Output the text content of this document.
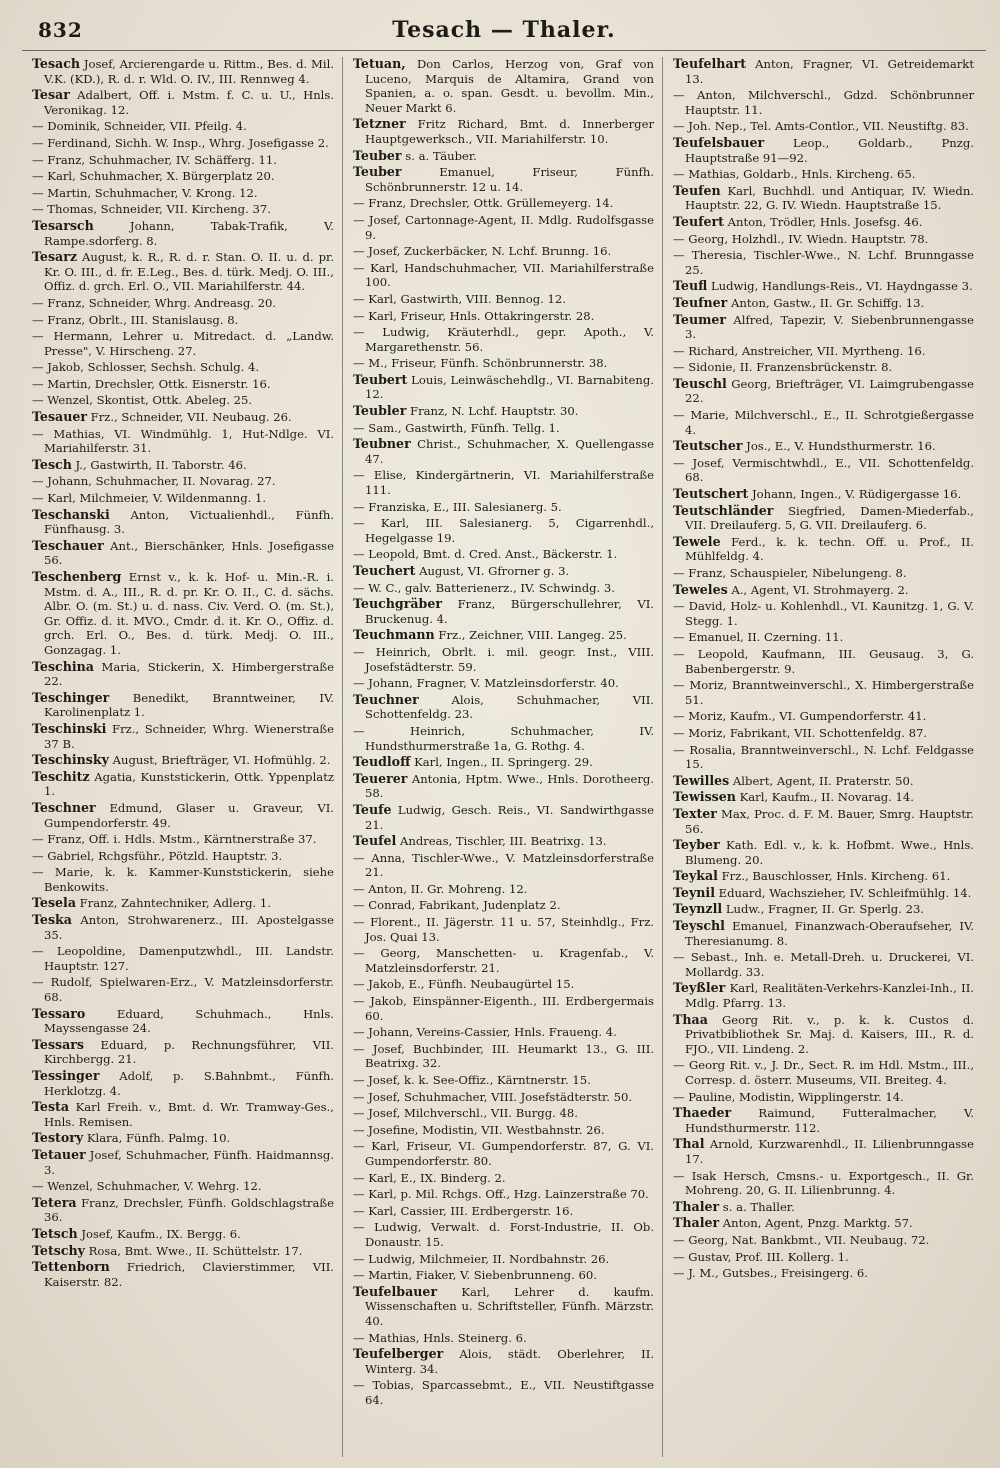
832	Tesach — Thaler.

Tesach Josef, Arcierengarde u. Rittm., Bes. d. Mil. V.K. (KD.), R. d. r. Wld. O. IV., III. Rennweg 4.

Tesar Adalbert, Off. i. Mstm. f. C. u. U., Hnls. Veronikag. 12.

— Dominik, Schneider, VII. Pfeilg. 4.

— Ferdinand, Sichh. W. Insp., Whrg. Josefigasse 2.

— Franz, Schuhmacher, IV. Schäfferg. 11.

— Karl, Schuhmacher, X. Bürgerplatz 20.

— Martin, Schuhmacher, V. Krong. 12.

— Thomas, Schneider, VII. Kircheng. 37.

Tesarsch Johann, Tabak-Trafik, V. Rampe.sdorferg. 8.

Tesarz August, k. R., R. d. r. Stan. O. II. u. d. pr. Kr. O. III., d. fr. E.Leg., Bes. d. türk. Medj. O. III., Offiz. d. grch. Erl. O., VII. Mariahilferstr. 44.

— Franz, Schneider, Whrg. Andreasg. 20.

— Franz, Obrlt., III. Stanislausg. 8.

— Hermann, Lehrer u. Mitredact. d. „Landw. Presse", V. Hirscheng. 27.

— Jakob, Schlosser, Sechsh. Schulg. 4.

— Martin, Drechsler, Ottk. Eisnerstr. 16.

— Wenzel, Skontist, Ottk. Abeleg. 25.

Tesauer Frz., Schneider, VII. Neubaug. 26.

— Mathias, VI. Windmühlg. 1, Hut-Ndlge. VI. Mariahilferstr. 31.

Tesch J., Gastwirth, II. Taborstr. 46.

— Johann, Schuhmacher, II. Novarag. 27.

— Karl, Milchmeier, V. Wildenmanng. 1.

Teschanski Anton, Victualienhdl., Fünfh. Fünfhausg. 3.

Teschauer Ant., Bierschänker, Hnls. Josefigasse 56.

Teschenberg Ernst v., k. k. Hof- u. Min.-R. i. Mstm. d. A., III., R. d. pr. Kr. O. II., C. d. sächs. Albr. O. (m. St.) u. d. nass. Civ. Verd. O. (m. St.), Gr. Offiz. d. it. MVO., Cmdr. d. it. Kr. O., Offiz. d. grch. Erl. O., Bes. d. türk. Medj. O. III., Gonzagag. 1.

Teschina Maria, Stickerin, X. Himbergerstraße 22.

Teschinger Benedikt, Branntweiner, IV. Karolinenplatz 1.

Teschinski Frz., Schneider, Whrg. Wienerstraße 37 B.

Teschinsky August, Briefträger, VI. Hofmühlg. 2.

Teschitz Agatia, Kunststickerin, Ottk. Yppenplatz 1.

Teschner Edmund, Glaser u. Graveur, VI. Gumpendorferstr. 49.

— Franz, Off. i. Hdls. Mstm., Kärntnerstraße 37.

— Gabriel, Rchgsführ., Pötzld. Hauptstr. 3.

— Marie, k. k. Kammer-Kunststickerin, siehe Benkowits.

Tesela Franz, Zahntechniker, Adlerg. 1.

Teska Anton, Strohwarenerz., III. Apostelgasse 35.

— Leopoldine, Damenputzwhdl., III. Landstr. Hauptstr. 127.

— Rudolf, Spielwaren-Erz., V. Matzleinsdorferstr. 68.

Tessaro Eduard, Schuhmach., Hnls. Mayssengasse 24.

Tessars Eduard, p. Rechnungsführer, VII. Kirchbergg. 21.

Tessinger Adolf, p. S.Bahnbmt., Fünfh. Herklotzg. 4.

Testa Karl Freih. v., Bmt. d. Wr. Tramway-Ges., Hnls. Remisen.

Testory Klara, Fünfh. Palmg. 10.

Tetauer Josef, Schuhmacher, Fünfh. Haidmannsg. 3.

— Wenzel, Schuhmacher, V. Wehrg. 12.

Tetera Franz, Drechsler, Fünfh. Goldschlagstraße 36.

Tetsch Josef, Kaufm., IX. Bergg. 6.

Tetschy Rosa, Bmt. Wwe., II. Schüttelstr. 17.

Tettenborn Friedrich, Clavierstimmer, VII. Kaiserstr. 82.

Tetuan, Don Carlos, Herzog von, Graf von Luceno, Marquis de Altamira, Grand von Spanien, a. o. span. Gesdt. u. bevollm. Min., Neuer Markt 6.

Tetzner Fritz Richard, Bmt. d. Innerberger Hauptgewerksch., VII. Mariahilferstr. 10.

Teuber s. a. Täuber.

Teuber Emanuel, Friseur, Fünfh. Schönbrunnerstr. 12 u. 14.

— Franz, Drechsler, Ottk. Grüllemeyerg. 14.

— Josef, Cartonnage-Agent, II. Mdlg. Rudolfsgasse 9.

— Josef, Zuckerbäcker, N. Lchf. Brunng. 16.

— Karl, Handschuhmacher, VII. Mariahilferstraße 100.

— Karl, Gastwirth, VIII. Bennog. 12.

— Karl, Friseur, Hnls. Ottakringerstr. 28.

— Ludwig, Kräuterhdl., gepr. Apoth., V. Margarethenstr. 56.

— M., Friseur, Fünfh. Schönbrunnerstr. 38.

Teubert Louis, Leinwäschehdlg., VI. Barnabiteng. 12.

Teubler Franz, N. Lchf. Hauptstr. 30.

— Sam., Gastwirth, Fünfh. Tellg. 1.

Teubner Christ., Schuhmacher, X. Quellengasse 47.

— Elise, Kindergärtnerin, VI. Mariahilferstraße 111.

— Franziska, E., III. Salesianerg. 5.

— Karl, III. Salesianerg. 5, Cigarrenhdl., Hegelgasse 19.

— Leopold, Bmt. d. Cred. Anst., Bäckerstr. 1.

Teuchert August, VI. Gfrorner g. 3.

— W. C., galv. Batterienerz., IV. Schwindg. 3.

Teuchgräber Franz, Bürgerschullehrer, VI. Bruckenug. 4.

Teuchmann Frz., Zeichner, VIII. Langeg. 25.

— Heinrich, Obrlt. i. mil. geogr. Inst., VIII. Josefstädterstr. 59.

— Johann, Fragner, V. Matzleinsdorferstr. 40.

Teuchner Alois, Schuhmacher, VII. Schottenfeldg. 23.

— Heinrich, Schuhmacher, IV. Hundsthurmerstraße 1a, G. Rothg. 4.

Teudloff Karl, Ingen., II. Springerg. 29.

Teuerer Antonia, Hptm. Wwe., Hnls. Dorotheerg. 58.

Teufe Ludwig, Gesch. Reis., VI. Sandwirthgasse 21.

Teufel Andreas, Tischler, III. Beatrixg. 13.

— Anna, Tischler-Wwe., V. Matzleinsdorferstraße 21.

— Anton, II. Gr. Mohreng. 12.

— Conrad, Fabrikant, Judenplatz 2.

— Florent., II. Jägerstr. 11 u. 57, Steinhdlg., Frz. Jos. Quai 13.

— Georg, Manschetten- u. Kragenfab., V. Matzleinsdorferstr. 21.

— Jakob, E., Fünfh. Neubaugürtel 15.

— Jakob, Einspänner-Eigenth., III. Erdbergermais 60.

— Johann, Vereins-Cassier, Hnls. Fraueng. 4.

— Josef, Buchbinder, III. Heumarkt 13., G. III. Beatrixg. 32.

— Josef, k. k. See-Offiz., Kärntnerstr. 15.

— Josef, Schuhmacher, VIII. Josefstädterstr. 50.

— Josef, Milchverschl., VII. Burgg. 48.

— Josefine, Modistin, VII. Westbahnstr. 26.

— Karl, Friseur, VI. Gumpendorferstr. 87, G. VI. Gumpendorferstr. 80.

— Karl, E., IX. Binderg. 2.

— Karl, p. Mil. Rchgs. Off., Hzg. Lainzerstraße 70.

— Karl, Cassier, III. Erdbergerstr. 16.

— Ludwig, Verwalt. d. Forst-Industrie, II. Ob. Donaustr. 15.

— Ludwig, Milchmeier, II. Nordbahnstr. 26.

— Martin, Fiaker, V. Siebenbrunneng. 60.

Teufelbauer Karl, Lehrer d. kaufm. Wissenschaften u. Schriftsteller, Fünfh. Märzstr. 40.

— Mathias, Hnls. Steinerg. 6.

Teufelberger Alois, städt. Oberlehrer, II. Winterg. 34.

— Tobias, Sparcassebmt., E., VII. Neustiftgasse 64.

Teufelhart Anton, Fragner, VI. Getreidemarkt 13.

— Anton, Milchverschl., Gdzd. Schönbrunner Hauptstr. 11.

— Joh. Nep., Tel. Amts-Contlor., VII. Neustiftg. 83.

Teufelsbauer Leop., Goldarb., Pnzg. Hauptstraße 91—92.

— Mathias, Goldarb., Hnls. Kircheng. 65.

Teufen Karl, Buchhdl. und Antiquar, IV. Wiedn. Hauptstr. 22, G. IV. Wiedn. Hauptstraße 15.

Teufert Anton, Trödler, Hnls. Josefsg. 46.

— Georg, Holzhdl., IV. Wiedn. Hauptstr. 78.

— Theresia, Tischler-Wwe., N. Lchf. Brunngasse 25.

Teufl Ludwig, Handlungs-Reis., VI. Haydngasse 3.

Teufner Anton, Gastw., II. Gr. Schiffg. 13.

Teumer Alfred, Tapezir, V. Siebenbrunnengasse 3.

— Richard, Anstreicher, VII. Myrtheng. 16.

— Sidonie, II. Franzensbrückenstr. 8.

Teuschl Georg, Briefträger, VI. Laimgrubengasse 22.

— Marie, Milchverschl., E., II. Schrotgießergasse 4.

Teutscher Jos., E., V. Hundsthurmerstr. 16.

— Josef, Vermischtwhdl., E., VII. Schottenfeldg. 68.

Teutschert Johann, Ingen., V. Rüdigergasse 16.

Teutschländer Siegfried, Damen-Miederfab., VII. Dreilauferg. 5, G. VII. Dreilauferg. 6.

Tewele Ferd., k. k. techn. Off. u. Prof., II. Mühlfeldg. 4.

— Franz, Schauspieler, Nibelungeng. 8.

Teweles A., Agent, VI. Strohmayerg. 2.

— David, Holz- u. Kohlenhdl., VI. Kaunitzg. 1, G. V. Stegg. 1.

— Emanuel, II. Czerning. 11.

— Leopold, Kaufmann, III. Geusaug. 3, G. Babenbergerstr. 9.

— Moriz, Branntweinverschl., X. Himbergerstraße 51.

— Moriz, Kaufm., VI. Gumpendorferstr. 41.

— Moriz, Fabrikant, VII. Schottenfeldg. 87.

— Rosalia, Branntweinverschl., N. Lchf. Feldgasse 15.

Tewilles Albert, Agent, II. Praterstr. 50.

Tewissen Karl, Kaufm., II. Novarag. 14.

Texter Max, Proc. d. F. M. Bauer, Smrg. Hauptstr. 56.

Teyber Kath. Edl. v., k. k. Hofbmt. Wwe., Hnls. Blumeng. 20.

Teykal Frz., Bauschlosser, Hnls. Kircheng. 61.

Teynil Eduard, Wachszieher, IV. Schleifmühlg. 14.

Teynzll Ludw., Fragner, II. Gr. Sperlg. 23.

Teyschl Emanuel, Finanzwach-Oberaufseher, IV. Theresianumg. 8.

— Sebast., Inh. e. Metall-Dreh. u. Druckerei, VI. Mollardg. 33.

Teyßler Karl, Realitäten-Verkehrs-Kanzlei-Inh., II. Mdlg. Pfarrg. 13.

Thaa Georg Rit. v., p. k. k. Custos d. Privatbibliothek Sr. Maj. d. Kaisers, III., R. d. FJO., VII. Lindeng. 2.

— Georg Rit. v., J. Dr., Sect. R. im Hdl. Mstm., III., Corresp. d. österr. Museums, VII. Breiteg. 4.

— Pauline, Modistin, Wipplingerstr. 14.

Thaeder Raimund, Futteralmacher, V. Hundsthurmerstr. 112.

Thal Arnold, Kurzwarenhdl., II. Lilienbrunngasse 17.

— Isak Hersch, Cmsns.- u. Exportgesch., II. Gr. Mohreng. 20, G. II. Lilienbrunng. 4.

Thaler s. a. Thaller.

Thaler Anton, Agent, Pnzg. Marktg. 57.

— Georg, Nat. Bankbmt., VII. Neubaug. 72.

— Gustav, Prof. III. Kollerg. 1.

— J. M., Gutsbes., Freisingerg. 6.
